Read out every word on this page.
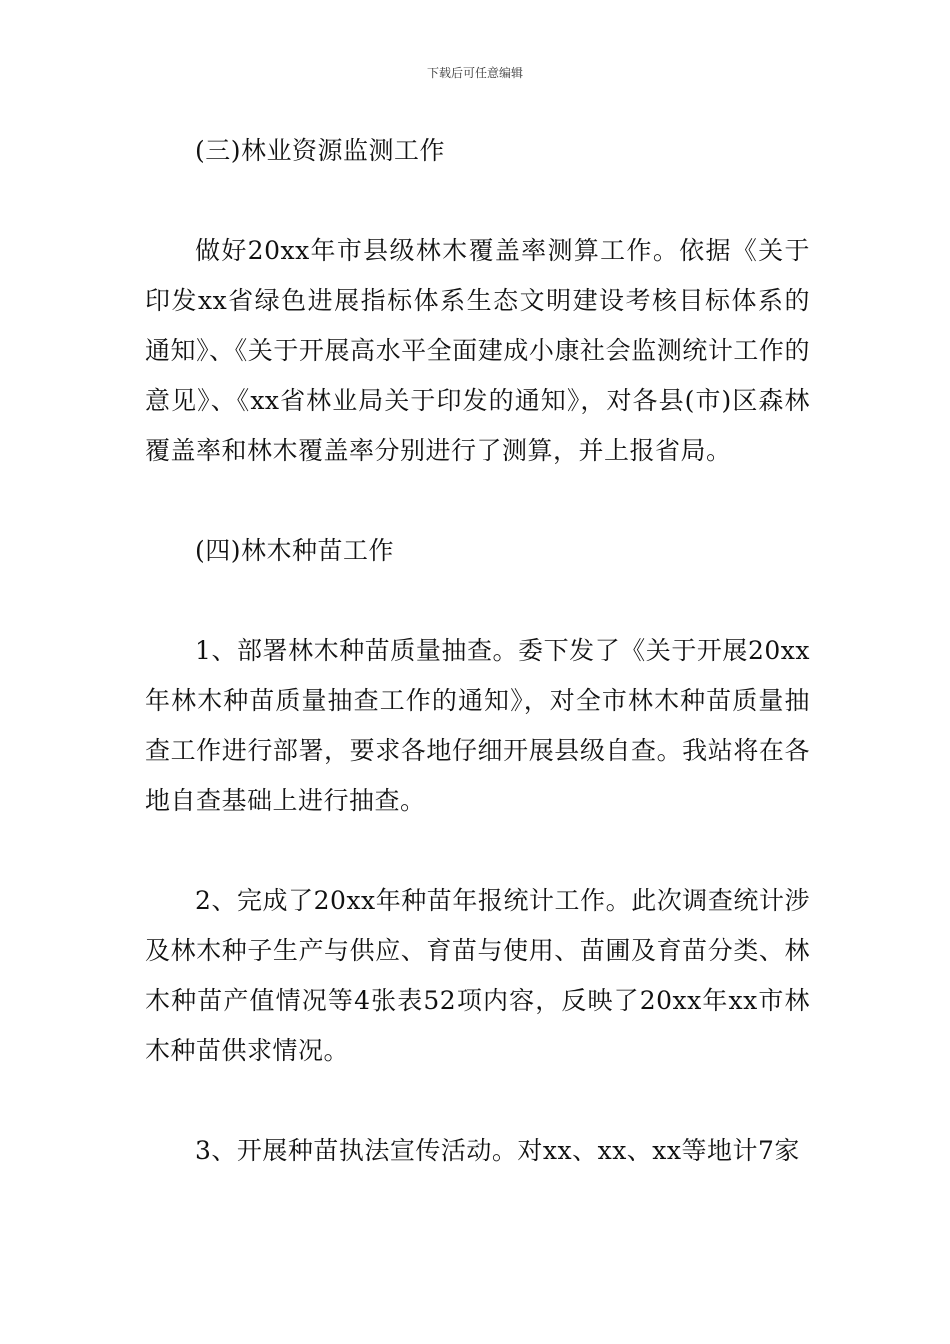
下载后可任意编辑

(三)林业资源监测工作

做好20xx年市县级林木覆盖率测算工作。依据《关于印发xx省绿色进展指标体系生态文明建设考核目标体系的通知》、《关于开展高水平全面建成小康社会监测统计工作的意见》、《xx省林业局关于印发的通知》，对各县(市)区森林覆盖率和林木覆盖率分别进行了测算，并上报省局。

(四)林木种苗工作

1、部署林木种苗质量抽查。委下发了《关于开展20xx年林木种苗质量抽查工作的通知》，对全市林木种苗质量抽查工作进行部署，要求各地仔细开展县级自查。我站将在各地自查基础上进行抽查。

2、完成了20xx年种苗年报统计工作。此次调查统计涉及林木种子生产与供应、育苗与使用、苗圃及育苗分类、林木种苗产值情况等4张表52项内容，反映了20xx年xx市林木种苗供求情况。

3、开展种苗执法宣传活动。对xx、xx、xx等地计7家
